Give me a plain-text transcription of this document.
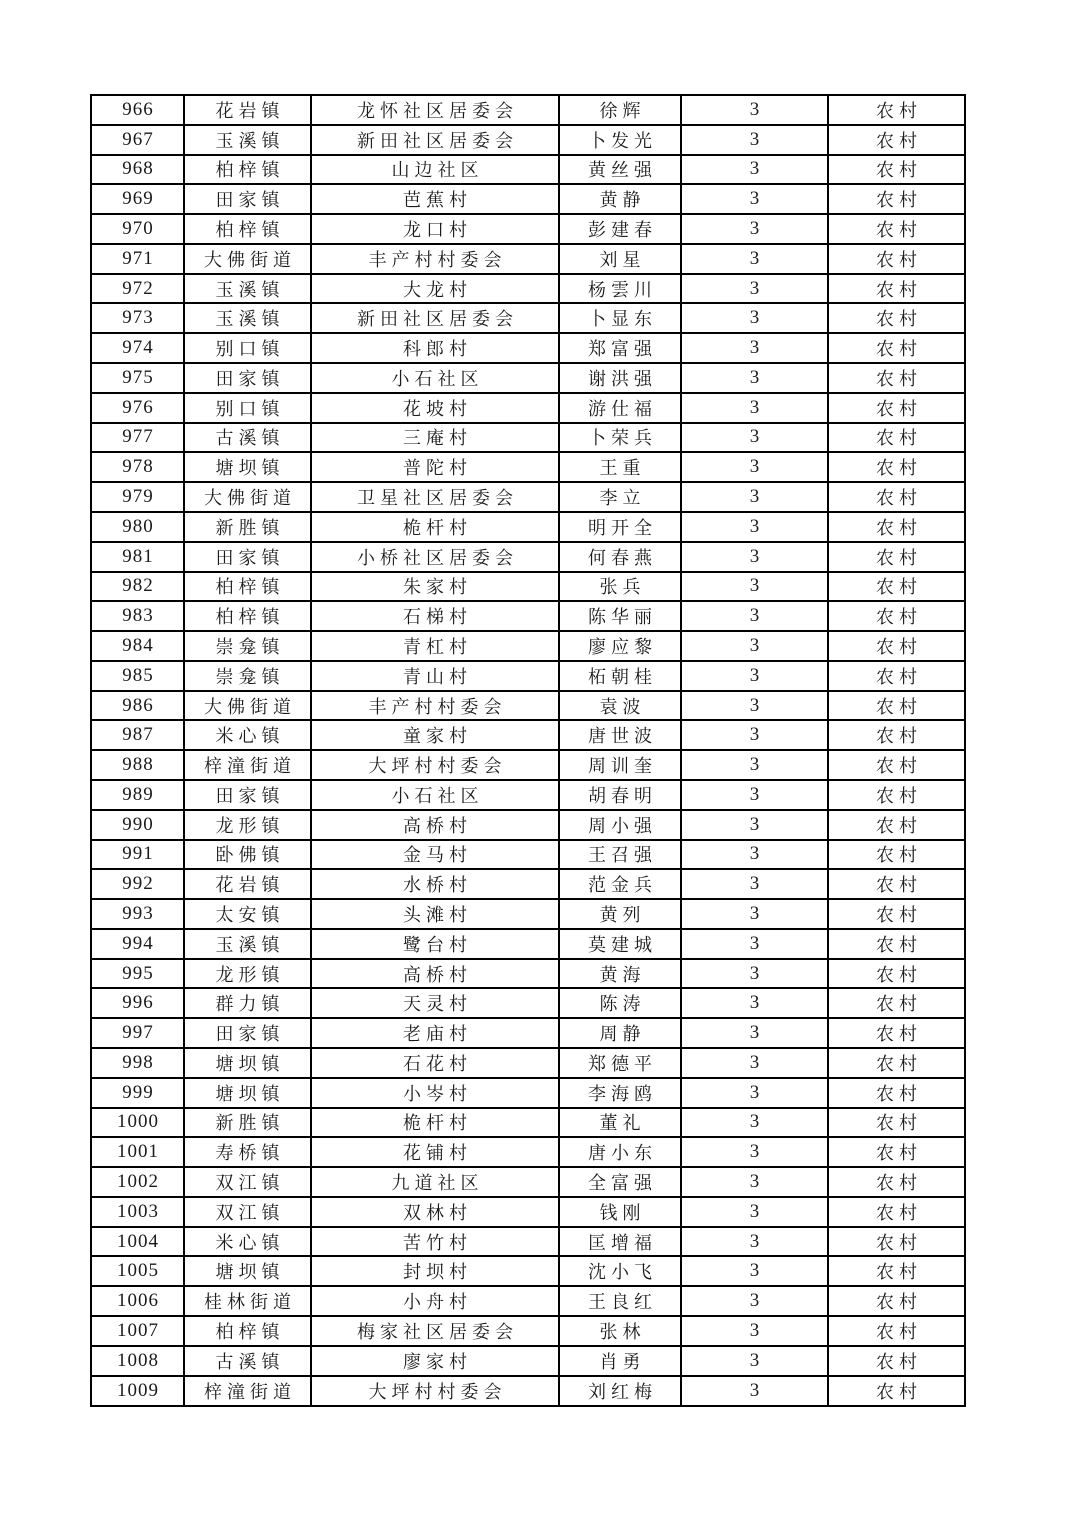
966	花岩镇	龙怀社区居委会	徐辉	3	农村
967	玉溪镇	新田社区居委会	卜发光	3	农村
968	柏梓镇	山边社区	黄丝强	3	农村
969	田家镇	芭蕉村	黄静	3	农村
970	柏梓镇	龙口村	彭建春	3	农村
971	大佛街道	丰产村村委会	刘星	3	农村
972	玉溪镇	大龙村	杨雲川	3	农村
973	玉溪镇	新田社区居委会	卜显东	3	农村
974	别口镇	科郎村	郑富强	3	农村
975	田家镇	小石社区	谢洪强	3	农村
976	别口镇	花坡村	游仕福	3	农村
977	古溪镇	三庵村	卜荣兵	3	农村
978	塘坝镇	普陀村	王重	3	农村
979	大佛街道	卫星社区居委会	李立	3	农村
980	新胜镇	桅杆村	明开全	3	农村
981	田家镇	小桥社区居委会	何春燕	3	农村
982	柏梓镇	朱家村	张兵	3	农村
983	柏梓镇	石梯村	陈华丽	3	农村
984	崇龛镇	青杠村	廖应黎	3	农村
985	崇龛镇	青山村	柘朝桂	3	农村
986	大佛街道	丰产村村委会	袁波	3	农村
987	米心镇	童家村	唐世波	3	农村
988	梓潼街道	大坪村村委会	周训奎	3	农村
989	田家镇	小石社区	胡春明	3	农村
990	龙形镇	高桥村	周小强	3	农村
991	卧佛镇	金马村	王召强	3	农村
992	花岩镇	水桥村	范金兵	3	农村
993	太安镇	头滩村	黄列	3	农村
994	玉溪镇	鹭台村	莫建城	3	农村
995	龙形镇	高桥村	黄海	3	农村
996	群力镇	天灵村	陈涛	3	农村
997	田家镇	老庙村	周静	3	农村
998	塘坝镇	石花村	郑德平	3	农村
999	塘坝镇	小岑村	李海鸥	3	农村
1000	新胜镇	桅杆村	董礼	3	农村
1001	寿桥镇	花铺村	唐小东	3	农村
1002	双江镇	九道社区	全富强	3	农村
1003	双江镇	双林村	钱刚	3	农村
1004	米心镇	苦竹村	匡增福	3	农村
1005	塘坝镇	封坝村	沈小飞	3	农村
1006	桂林街道	小舟村	王良红	3	农村
1007	柏梓镇	梅家社区居委会	张林	3	农村
1008	古溪镇	廖家村	肖勇	3	农村
1009	梓潼街道	大坪村村委会	刘红梅	3	农村
